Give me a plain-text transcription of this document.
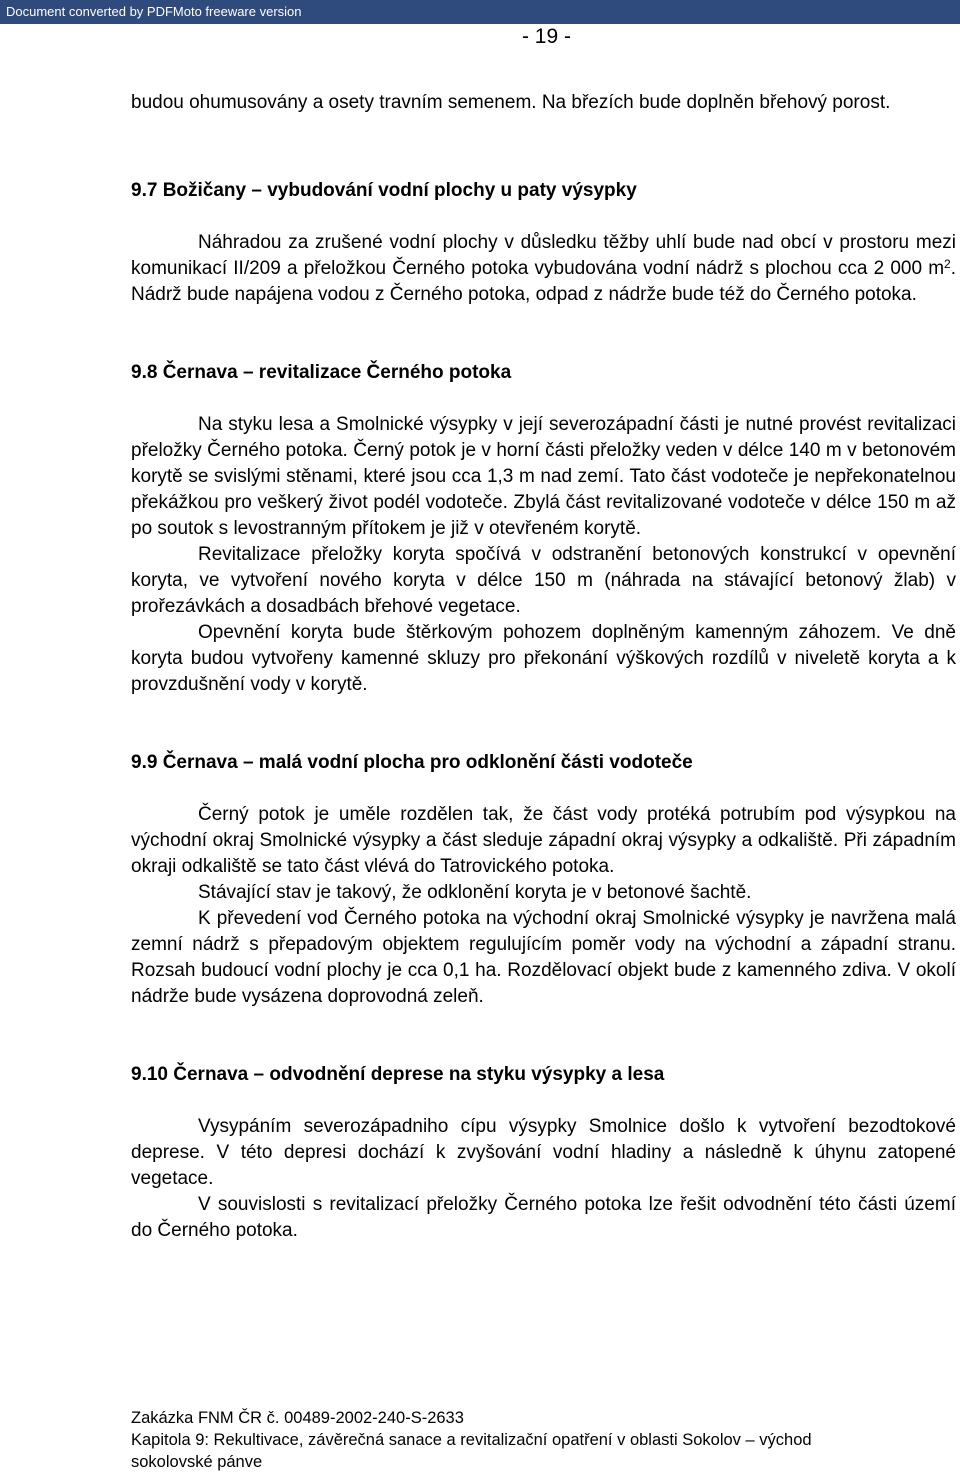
Document converted by PDFMoto freeware version
- 19 -

budou ohumusovány a osety travním semenem. Na březích bude doplněn břehový porost.

9.7 Božičany – vybudování vodní plochy u paty výsypky

Náhradou za zrušené vodní plochy v důsledku těžby uhlí bude nad obcí v prostoru mezi komunikací II/209 a přeložkou Černého potoka vybudována vodní nádrž s plochou cca 2 000 $m^2$. Nádrž bude napájena vodou z Černého potoka, odpad z nádrže bude též do Černého potoka.

9.8 Černava – revitalizace Černého potoka

Na styku lesa a Smolnické výsypky v její severozápadní části je nutné provést revitalizaci přeložky Černého potoka. Černý potok je v horní části přeložky veden v délce 140 m v betonovém korytě se svislými stěnami, které jsou cca 1,3 m nad zemí. Tato část vodoteče je nepřekonatelnou překážkou pro veškerý život podél vodoteče. Zbylá část revitalizované vodoteče v délce 150 m až po soutok s levostranným přítokem je již v otevřeném korytě.

Revitalizace přeložky koryta spočívá v odstranění betonových konstrukcí v opevnění koryta, ve vytvoření nového koryta v délce 150 m (náhrada na stávající betonový žlab) v prořezávkách a dosadbách břehové vegetace.

Opevnění koryta bude štěrkovým pohozem doplněným kamenným záhozem. Ve dně koryta budou vytvořeny kamenné skluzy pro překonání výškových rozdílů v niveletě koryta a k provzdušnění vody v korytě.

9.9 Černava – malá vodní plocha pro odklonění části vodoteče

Černý potok je uměle rozdělen tak, že část vody protéká potrubím pod výsypkou na východní okraj Smolnické výsypky a část sleduje západní okraj výsypky a odkaliště. Při západním okraji odkaliště se tato část vlévá do Tatrovického potoka.

Stávající stav je takový, že odklonění koryta je v betonové šachtě.

K převedení vod Černého potoka na východní okraj Smolnické výsypky je navržena malá zemní nádrž s přepadovým objektem regulujícím poměr vody na východní a západní stranu. Rozsah budoucí vodní plochy je cca 0,1 ha. Rozdělovací objekt bude z kamenného zdiva. V okolí nádrže bude vysázena doprovodná zeleň.

9.10 Černava – odvodnění deprese na styku výsypky a lesa

Vysypáním severozápadniho cípu výsypky Smolnice došlo k vytvoření bezodtokové deprese. V této depresi dochází k zvyšování vodní hladiny a následně k úhynu zatopené vegetace.

V souvislosti s revitalizací přeložky Černého potoka lze řešit odvodnění této části území do Černého potoka.

Zakázka FNM ČR č. 00489-2002-240-S-2633
Kapitola 9: Rekultivace, závěrečná sanace a revitalizační opatření v oblasti Sokolov – východ
sokolovské pánve
